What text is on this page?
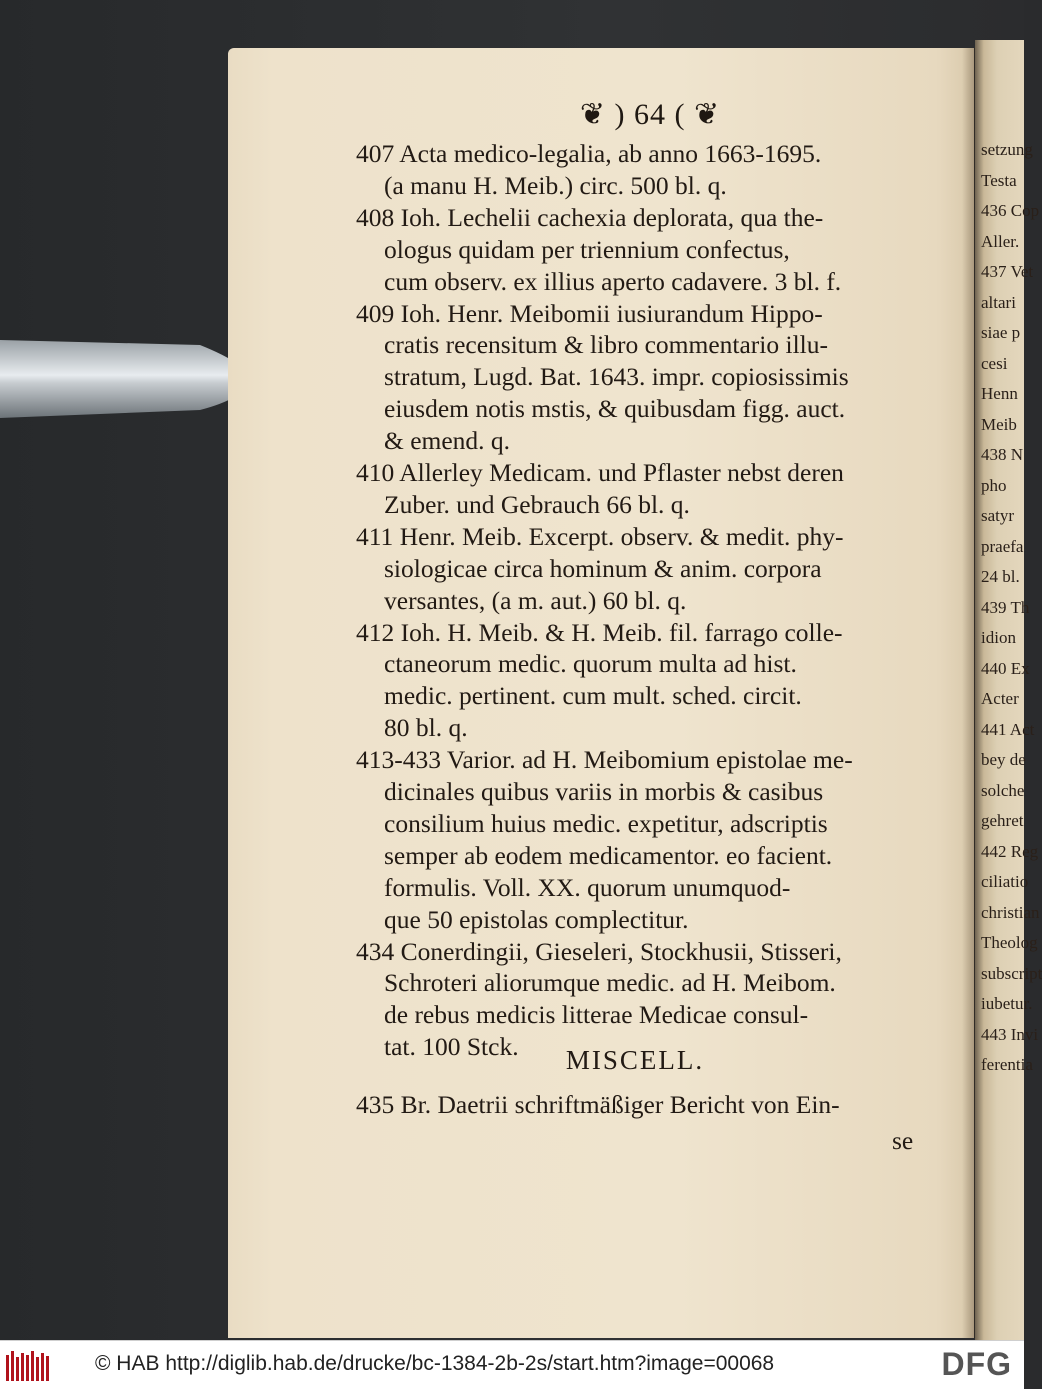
setzung
Testa
436 Cop
Aller.
437 Vet
altari
siae p
cesi
Henn
Meib
438 N
pho
satyr
praefa
24 bl.
439 Th
idion
440 Ex
Acter
441 Act
bey de
solche
gehret
442 Reg
ciliatio
christian
Theolog
subscript
iubetur.
443 Invi
ferentia
❦ ) 64 ( ❦
407 Acta medico-legalia, ab anno 1663-1695.
(a manu H. Meib.) circ. 500 bl. q.
408 Ioh. Lechelii cachexia deplorata, qua the-
ologus quidam per triennium confectus,
cum observ. ex illius aperto cadavere. 3 bl. f.
409 Ioh. Henr. Meibomii iusiurandum Hippo-
cratis recensitum & libro commentario illu-
stratum, Lugd. Bat. 1643. impr. copiosissimis
eiusdem notis mstis, & quibusdam figg. auct.
& emend. q.
410 Allerley Medicam. und Pflaster nebst deren
Zuber. und Gebrauch 66 bl. q.
411 Henr. Meib. Excerpt. observ. & medit. phy-
siologicae circa hominum & anim. corpora
versantes, (a m. aut.) 60 bl. q.
412 Ioh. H. Meib. & H. Meib. fil. farrago colle-
ctaneorum medic. quorum multa ad hist.
medic. pertinent. cum mult. sched. circit.
80 bl. q.
413-433 Varior. ad H. Meibomium epistolae me-
dicinales quibus variis in morbis & casibus
consilium huius medic. expetitur, adscriptis
semper ab eodem medicamentor. eo facient.
formulis. Voll. XX. quorum unumquod-
que 50 epistolas complectitur.
434 Conerdingii, Gieseleri, Stockhusii, Stisseri,
Schroteri aliorumque medic. ad H. Meibom.
de rebus medicis litterae Medicae consul-
tat. 100 Stck.	MISCELL.
435 Br. Daetrii schriftmäßiger Bericht von Ein-
se
© HAB http://diglib.hab.de/drucke/bc-1384-2b-2s/start.htm?image=00068	DFG
